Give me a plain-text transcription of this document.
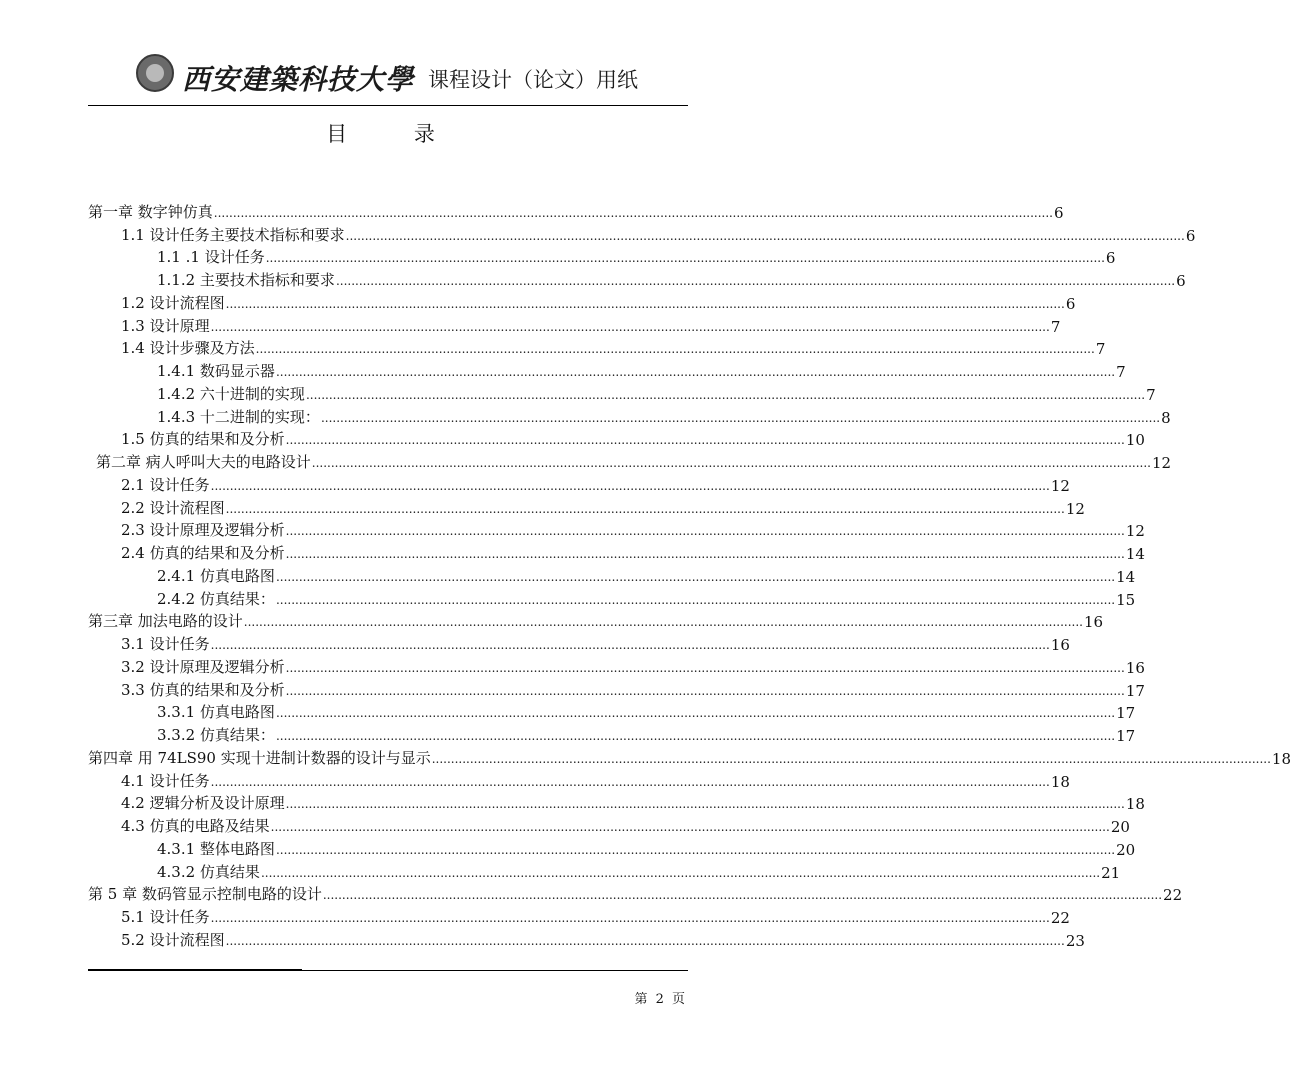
西安建築科技大學 课程设计（论文）用纸
目 录
第一章 数字钟仿真 ............................................................................................................................................................................................................................ 6
1.1 设计任务主要技术指标和要求 ............................................................................................................................................................................................................................ 6
1.1 .1 设计任务 ............................................................................................................................................................................................................................ 6
1.1.2 主要技术指标和要求 ............................................................................................................................................................................................................................ 6
1.2 设计流程图 ............................................................................................................................................................................................................................ 6
1.3 设计原理 ............................................................................................................................................................................................................................ 7
1.4 设计步骤及方法 ............................................................................................................................................................................................................................ 7
1.4.1 数码显示器 ............................................................................................................................................................................................................................ 7
1.4.2 六十进制的实现 ............................................................................................................................................................................................................................ 7
1.4.3 十二进制的实现： ............................................................................................................................................................................................................................ 8
1.5 仿真的结果和及分析 ............................................................................................................................................................................................................................ 10
第二章 病人呼叫大夫的电路设计 ............................................................................................................................................................................................................................ 12
2.1 设计任务 ............................................................................................................................................................................................................................ 12
2.2 设计流程图 ............................................................................................................................................................................................................................ 12
2.3 设计原理及逻辑分析 ............................................................................................................................................................................................................................ 12
2.4 仿真的结果和及分析 ............................................................................................................................................................................................................................ 14
2.4.1 仿真电路图 ............................................................................................................................................................................................................................ 14
2.4.2 仿真结果： ............................................................................................................................................................................................................................ 15
第三章 加法电路的设计 ............................................................................................................................................................................................................................ 16
3.1 设计任务 ............................................................................................................................................................................................................................ 16
3.2 设计原理及逻辑分析 ............................................................................................................................................................................................................................ 16
3.3 仿真的结果和及分析 ............................................................................................................................................................................................................................ 17
3.3.1 仿真电路图 ............................................................................................................................................................................................................................ 17
3.3.2 仿真结果： ............................................................................................................................................................................................................................ 17
第四章 用 74LS90 实现十进制计数器的设计与显示 ............................................................................................................................................................................................................................ 18
4.1 设计任务 ............................................................................................................................................................................................................................ 18
4.2 逻辑分析及设计原理 ............................................................................................................................................................................................................................ 18
4.3 仿真的电路及结果 ............................................................................................................................................................................................................................ 20
4.3.1 整体电路图 ............................................................................................................................................................................................................................ 20
4.3.2 仿真结果 ............................................................................................................................................................................................................................ 21
第 5 章 数码管显示控制电路的设计 ............................................................................................................................................................................................................................ 22
5.1 设计任务 ............................................................................................................................................................................................................................ 22
5.2 设计流程图 ............................................................................................................................................................................................................................ 23
第 2 页
